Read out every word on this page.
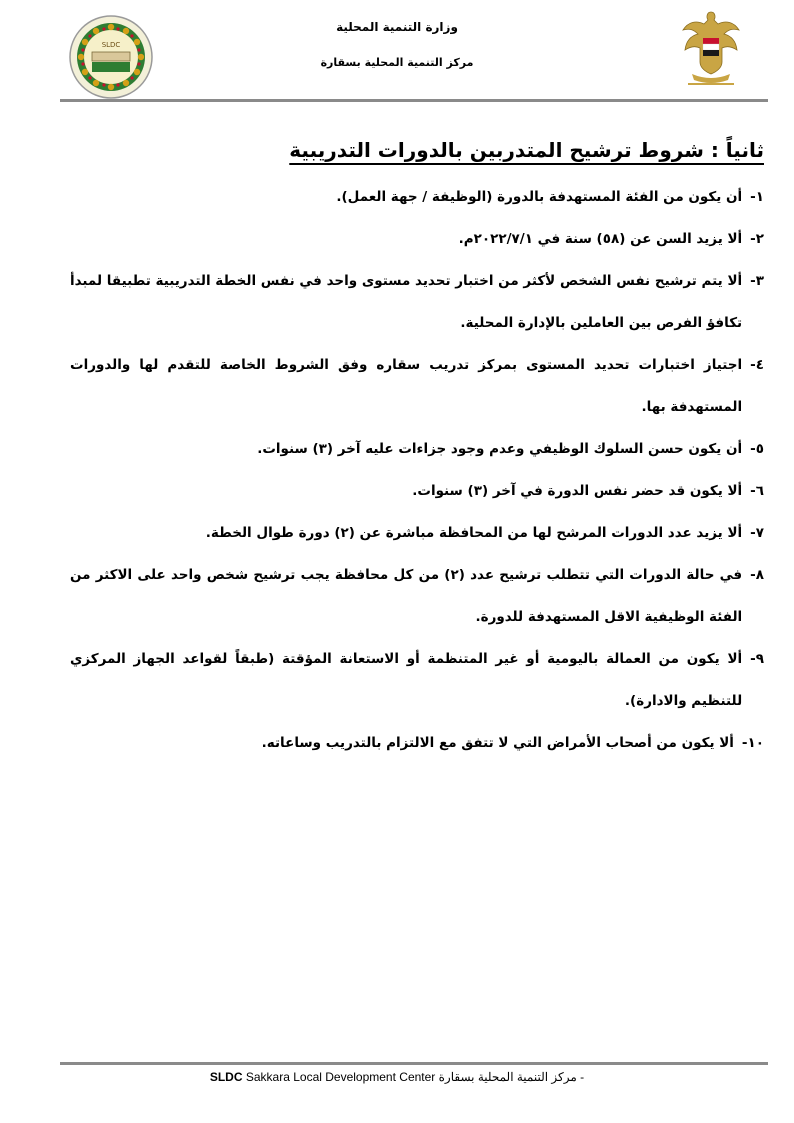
SLDC
وزارة التنمية المحلية
مركز التنمية المحلية بسقارة
ثانياً : شروط ترشيح المتدربين بالدورات التدريبية
١-
أن يكون من الفئة المستهدفة بالدورة (الوظيفة / جهة العمل).
٢-
ألا يزيد السن عن (٥٨) سنة في ٢٠٢٢/٧/١م.
٣-
ألا يتم ترشيح نفس الشخص لأكثر من اختبار تحديد مستوى واحد في نفس الخطة التدريبية تطبيقا لمبدأ تكافؤ الفرص بين العاملين بالإدارة المحلية.
٤-
اجتياز اختبارات تحديد المستوى بمركز تدريب سقاره وفق الشروط الخاصة للتقدم لها والدورات المستهدفة بها.
٥-
أن يكون حسن السلوك الوظيفي وعدم وجود جزاءات عليه آخر (٣) سنوات.
٦-
ألا يكون قد حضر نفس الدورة في آخر (٣) سنوات.
٧-
ألا يزيد عدد الدورات المرشح لها من المحافظة مباشرة عن (٢) دورة طوال الخطة.
٨-
في حالة الدورات التي تتطلب ترشيح عدد (٢) من كل محافظة يجب ترشيح شخص واحد على الاكثر من الفئة الوظيفية الاقل المستهدفة للدورة.
٩-
ألا يكون من العمالة باليومية أو غير المتنظمة أو الاستعانة المؤقتة (طبقاً لقواعد الجهاز المركزي للتنظيم والادارة).
١٠-
ألا يكون من أصحاب الأمراض التي لا تتفق مع الالتزام بالتدريب وساعاته.
SLDC Sakkara Local Development Center - مركز التنمية المحلية بسقارة
